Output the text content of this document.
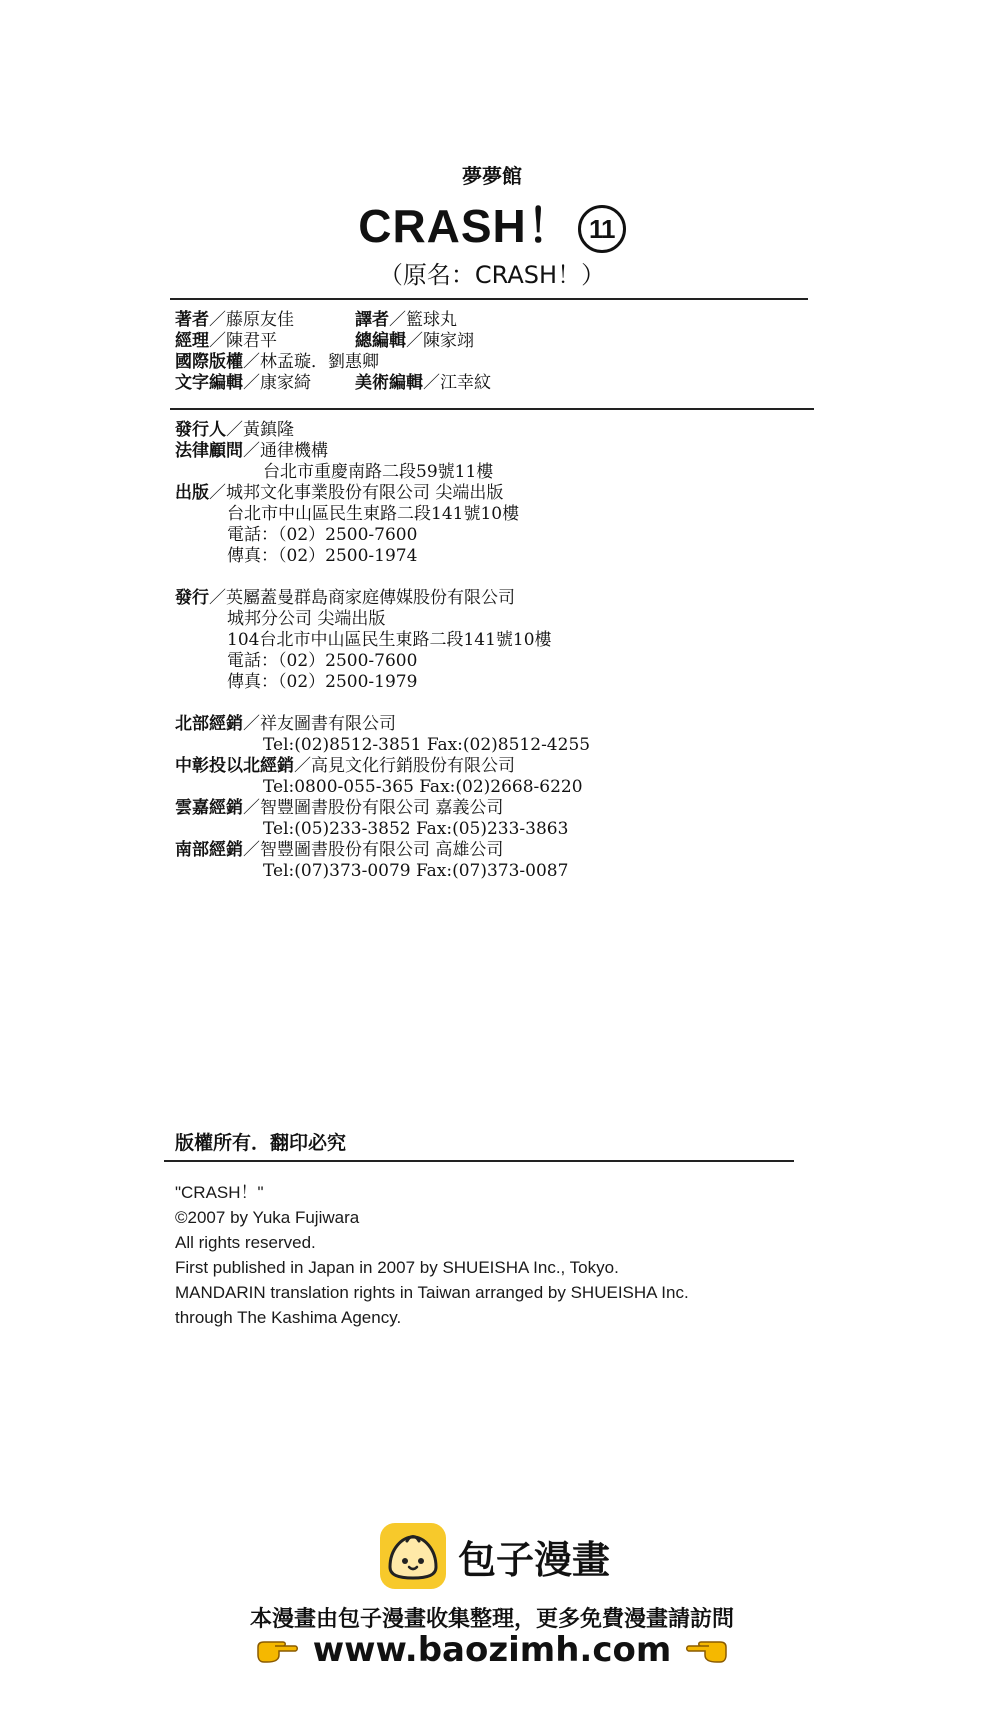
夢夢館
CRASH！ 11
（原名：CRASH！）
著者／藤原友佳	譯者／籃球丸
經理／陳君平	總編輯／陳家翊
國際版權／林孟璇．劉惠卿
文字編輯／康家綺	美術編輯／江幸紋
發行人／黃鎮隆
法律顧問／通律機構
台北市重慶南路二段59號11樓
出版／城邦文化事業股份有限公司 尖端出版
台北市中山區民生東路二段141號10樓
電話：（02）2500-7600
傳真：（02）2500-1974
發行／英屬蓋曼群島商家庭傳媒股份有限公司
城邦分公司 尖端出版
104台北市中山區民生東路二段141號10樓
電話：（02）2500-7600
傳真：（02）2500-1979
北部經銷／祥友圖書有限公司
Tel:(02)8512-3851 Fax:(02)8512-4255
中彰投以北經銷／高見文化行銷股份有限公司
Tel:0800-055-365 Fax:(02)2668-6220
雲嘉經銷／智豐圖書股份有限公司 嘉義公司
Tel:(05)233-3852 Fax:(05)233-3863
南部經銷／智豐圖書股份有限公司 高雄公司
Tel:(07)373-0079 Fax:(07)373-0087
版權所有．翻印必究
"CRASH！"
©2007 by Yuka Fujiwara
All rights reserved.
First published in Japan in 2007 by SHUEISHA Inc., Tokyo.
MANDARIN translation rights in Taiwan arranged by SHUEISHA Inc.
through The Kashima Agency.
包子漫畫
本漫畫由包子漫畫收集整理，更多免費漫畫請訪問
www.baozimh.com
